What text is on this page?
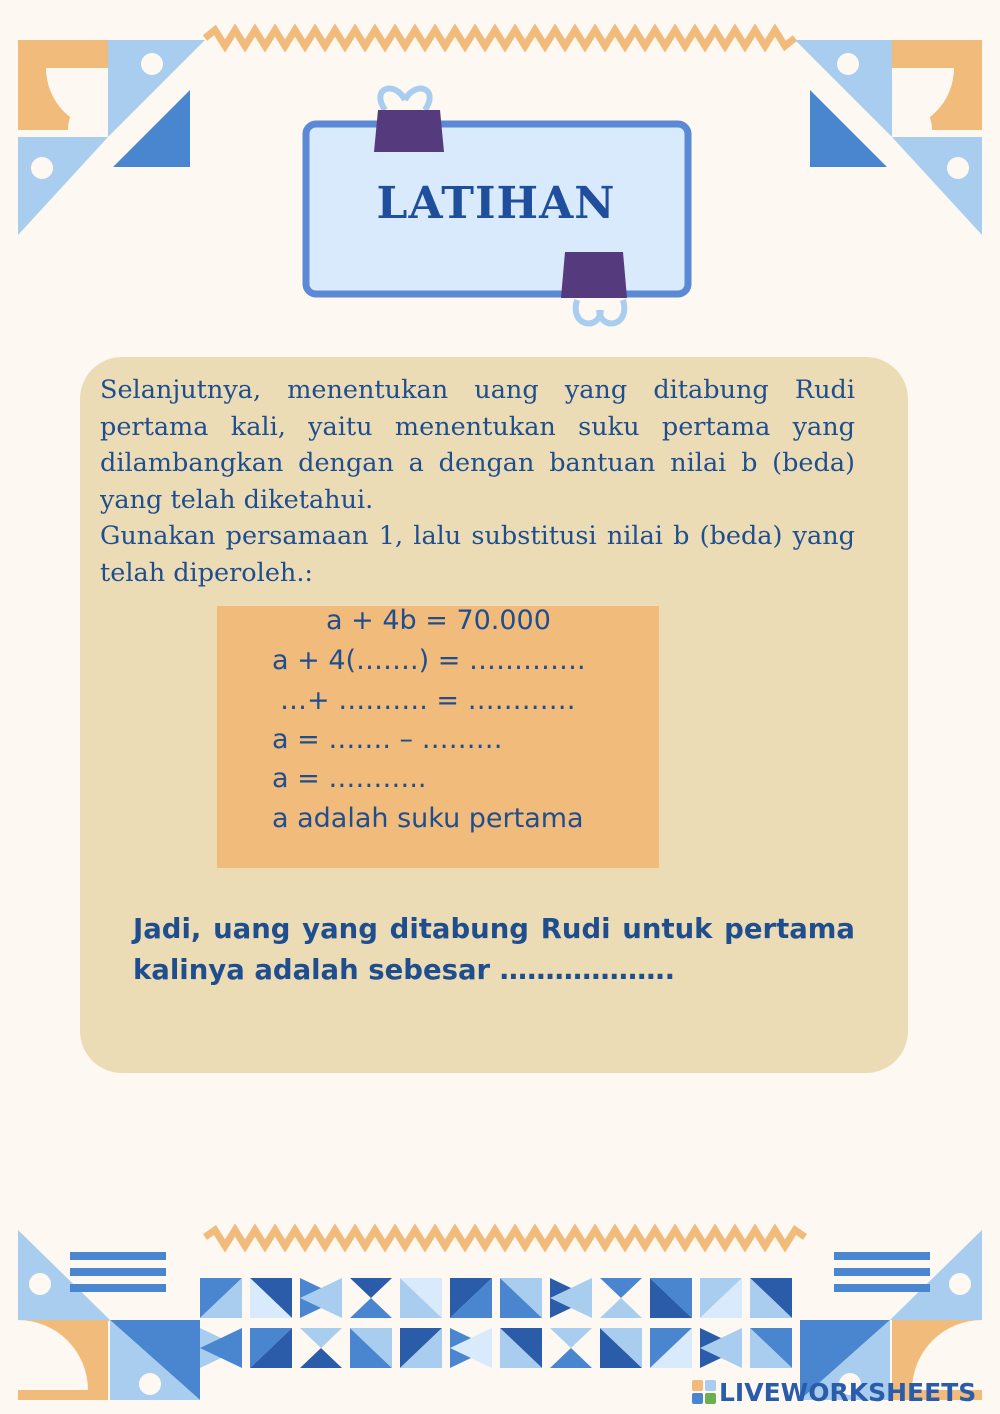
LATIHAN

Selanjutnya, menentukan uang yang ditabung Rudi pertama kali, yaitu menentukan suku pertama yang dilambangkan dengan a dengan bantuan nilai b (beda) yang telah diketahui.

Gunakan persamaan 1, lalu substitusi nilai b (beda) yang telah diperoleh.:

a + 4b = 70.000
a + 4(…….) = ………….
…+ ………. = …………
a = ……. – ………
a = ………..
a adalah suku pertama

Jadi, uang yang ditabung Rudi untuk pertama kalinya adalah sebesar ……………….

LIVEWORKSHEETS
